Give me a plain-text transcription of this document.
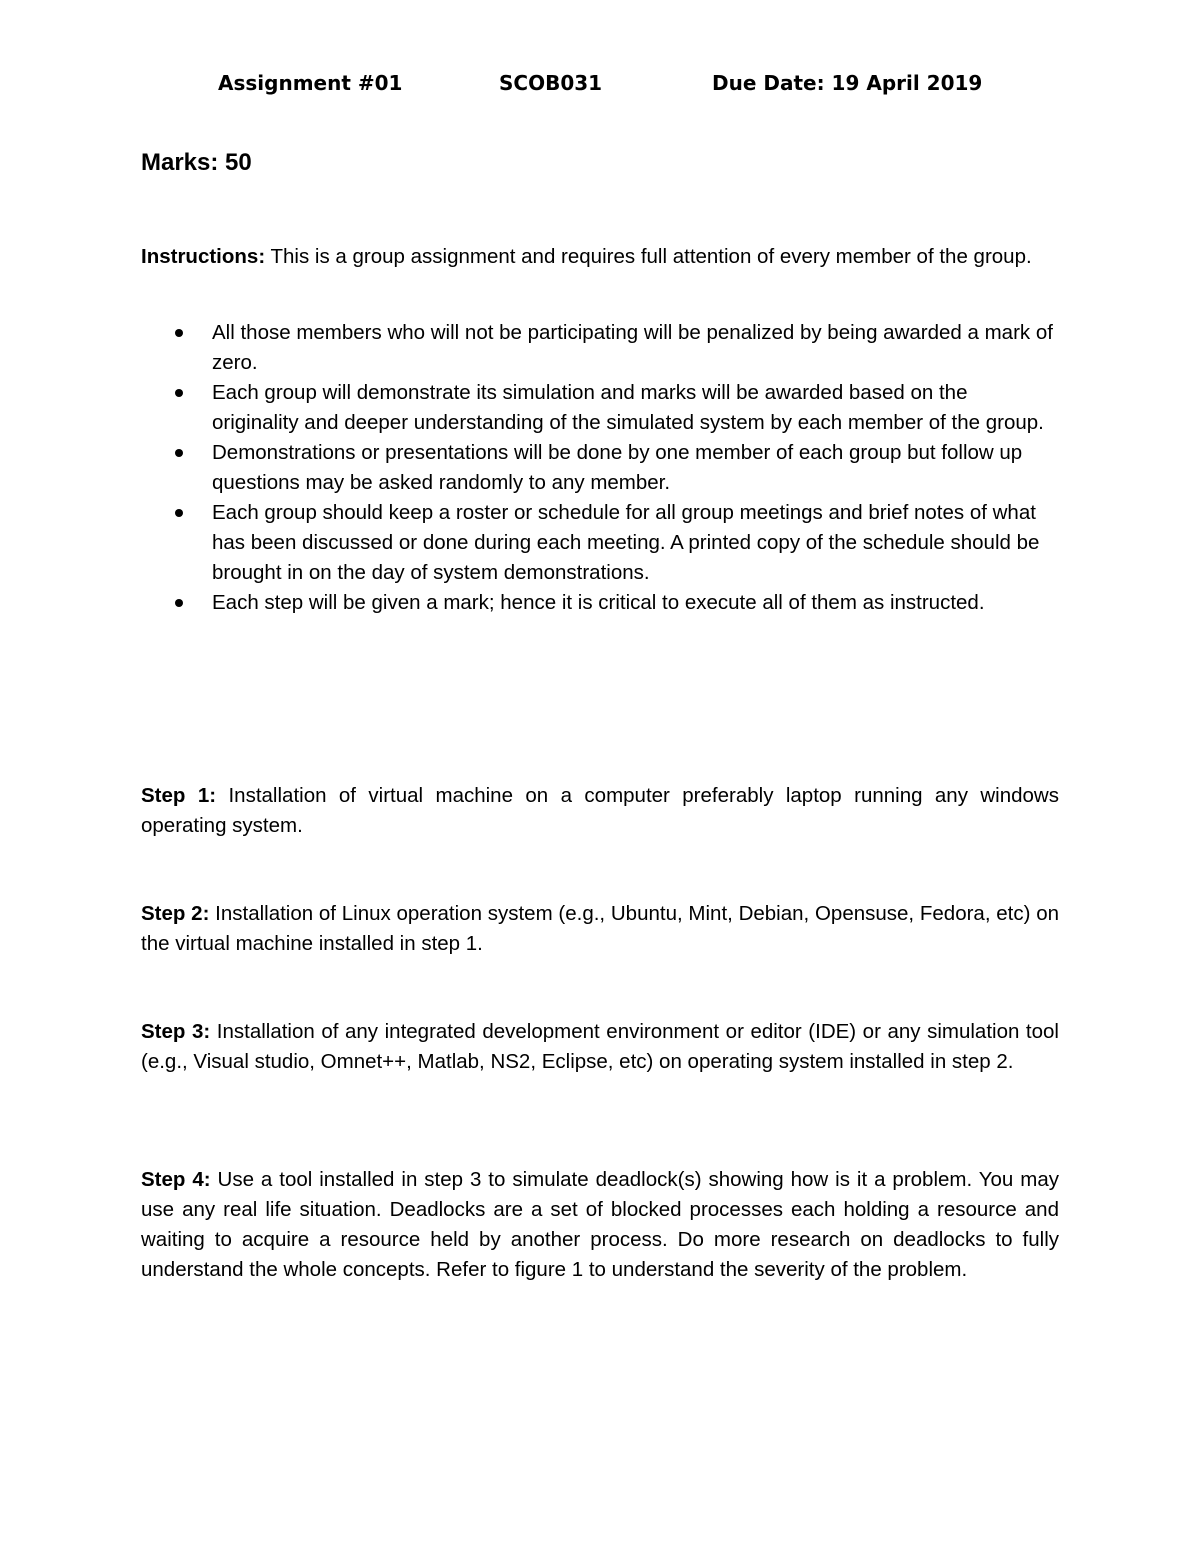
Assignment #01	SCOB031	Due Date: 19 April 2019
Marks: 50

Instructions: This is a group assignment and requires full attention of every member of the group.

All those members who will not be participating will be penalized by being awarded a mark of zero.
Each group will demonstrate its simulation and marks will be awarded based on the originality and deeper understanding of the simulated system by each member of the group.
Demonstrations or presentations will be done by one member of each group but follow up questions may be asked randomly to any member.
Each group should keep a roster or schedule for all group meetings and brief notes of what has been discussed or done during each meeting. A printed copy of the schedule should be brought in on the day of system demonstrations.
Each step will be given a mark; hence it is critical to execute all of them as instructed.

Step 1: Installation of virtual machine on a computer preferably laptop running any windows operating system.

Step 2: Installation of Linux operation system (e.g., Ubuntu, Mint, Debian, Opensuse, Fedora, etc) on the virtual machine installed in step 1.

Step 3: Installation of any integrated development environment or editor (IDE) or any simulation tool (e.g., Visual studio, Omnet++, Matlab, NS2, Eclipse, etc) on operating system installed in step 2.

Step 4: Use a tool installed in step 3 to simulate deadlock(s) showing how is it a problem. You may use any real life situation. Deadlocks are a set of blocked processes each holding a resource and waiting to acquire a resource held by another process. Do more research on deadlocks to fully understand the whole concepts. Refer to figure 1 to understand the severity of the problem.
